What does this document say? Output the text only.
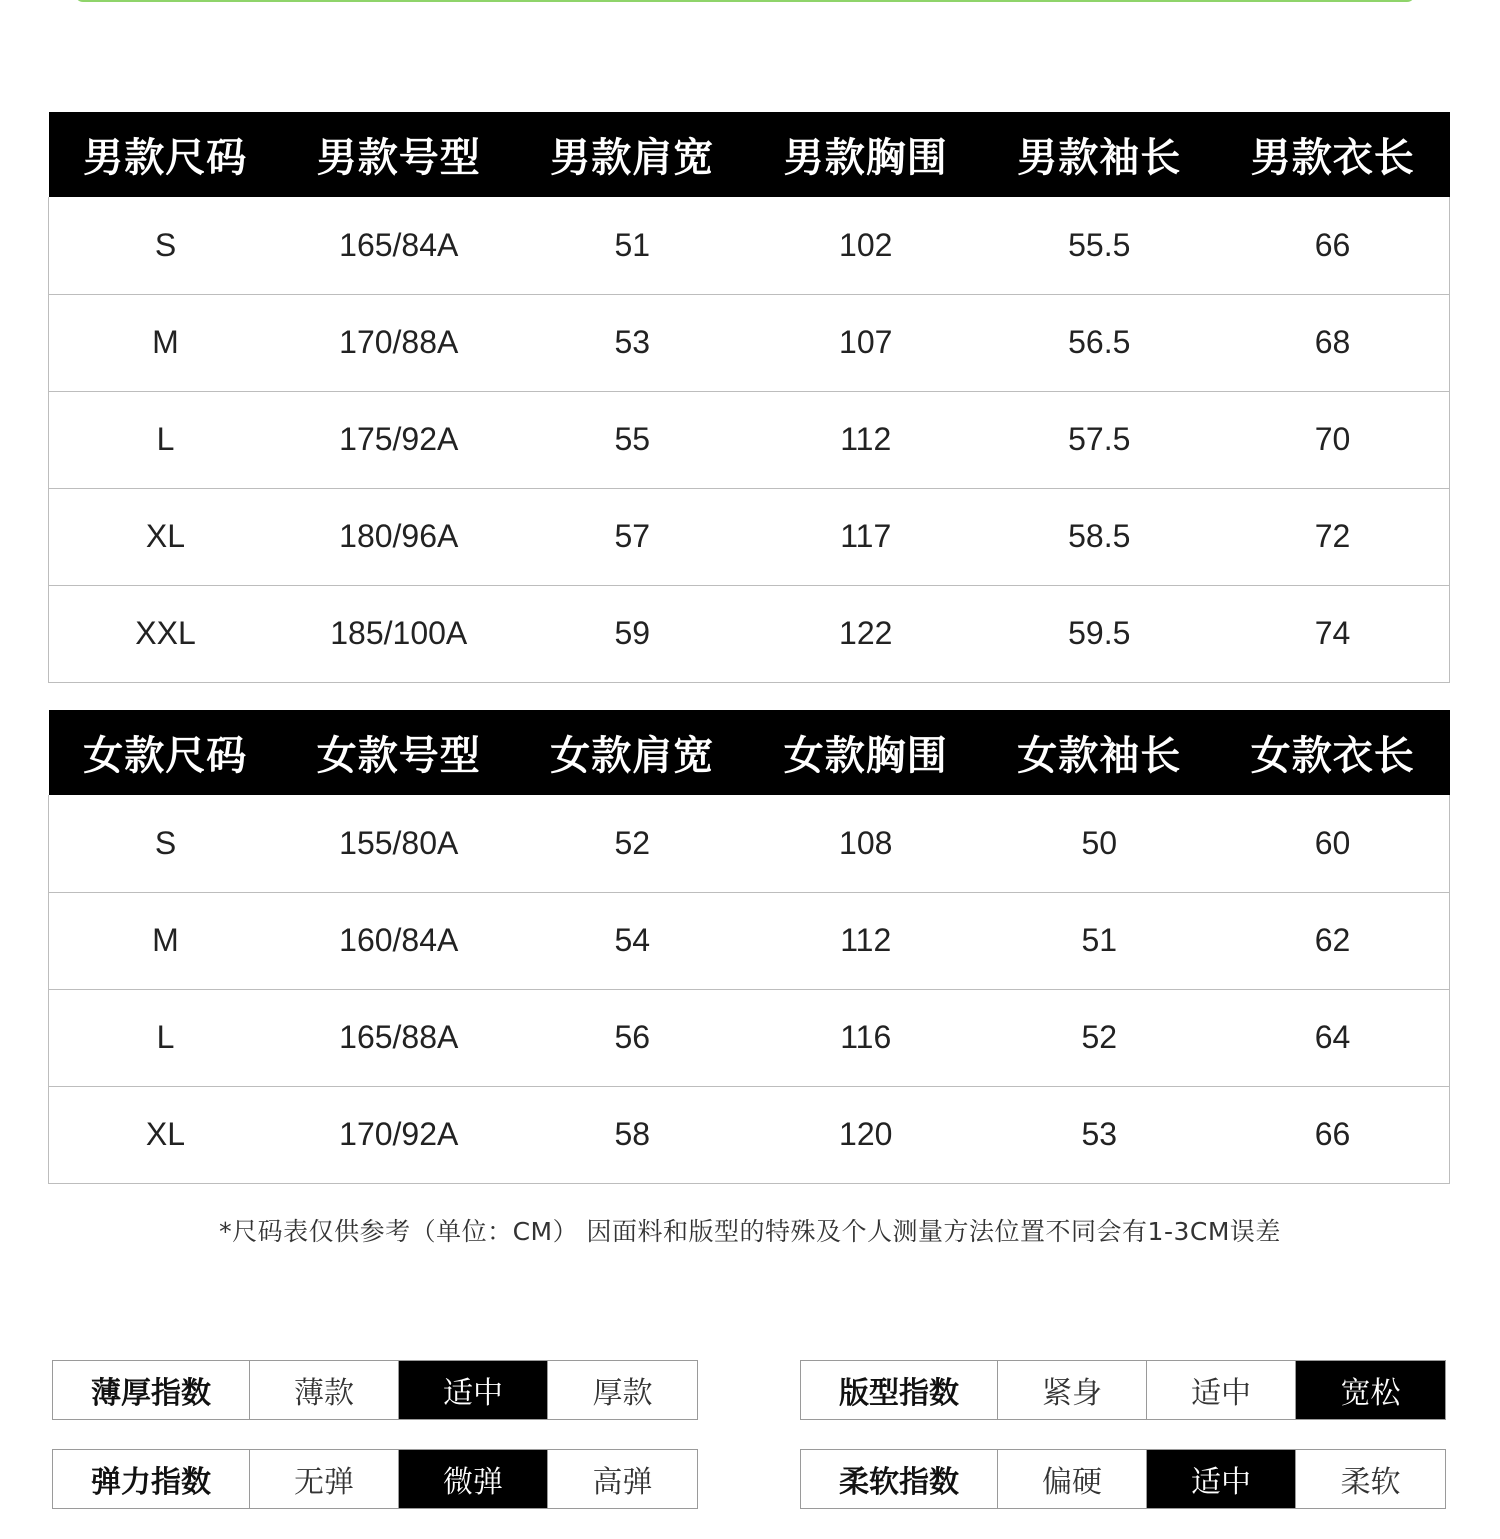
男款尺码	男款号型	男款肩宽	男款胸围	男款袖长	男款衣长
S	165/84A	51	102	55.5	66
M	170/88A	53	107	56.5	68
L	175/92A	55	112	57.5	70
XL	180/96A	57	117	58.5	72
XXL	185/100A	59	122	59.5	74
女款尺码	女款号型	女款肩宽	女款胸围	女款袖长	女款衣长
S	155/80A	52	108	50	60
M	160/84A	54	112	51	62
L	165/88A	56	116	52	64
XL	170/92A	58	120	53	66
*尺码表仅供参考（单位：CM） 因面料和版型的特殊及个人测量方法位置不同会有1-3CM误差
薄厚指数	薄款	适中	厚款	版型指数	紧身	适中	宽松
弹力指数	无弹	微弹	高弹	柔软指数	偏硬	适中	柔软
